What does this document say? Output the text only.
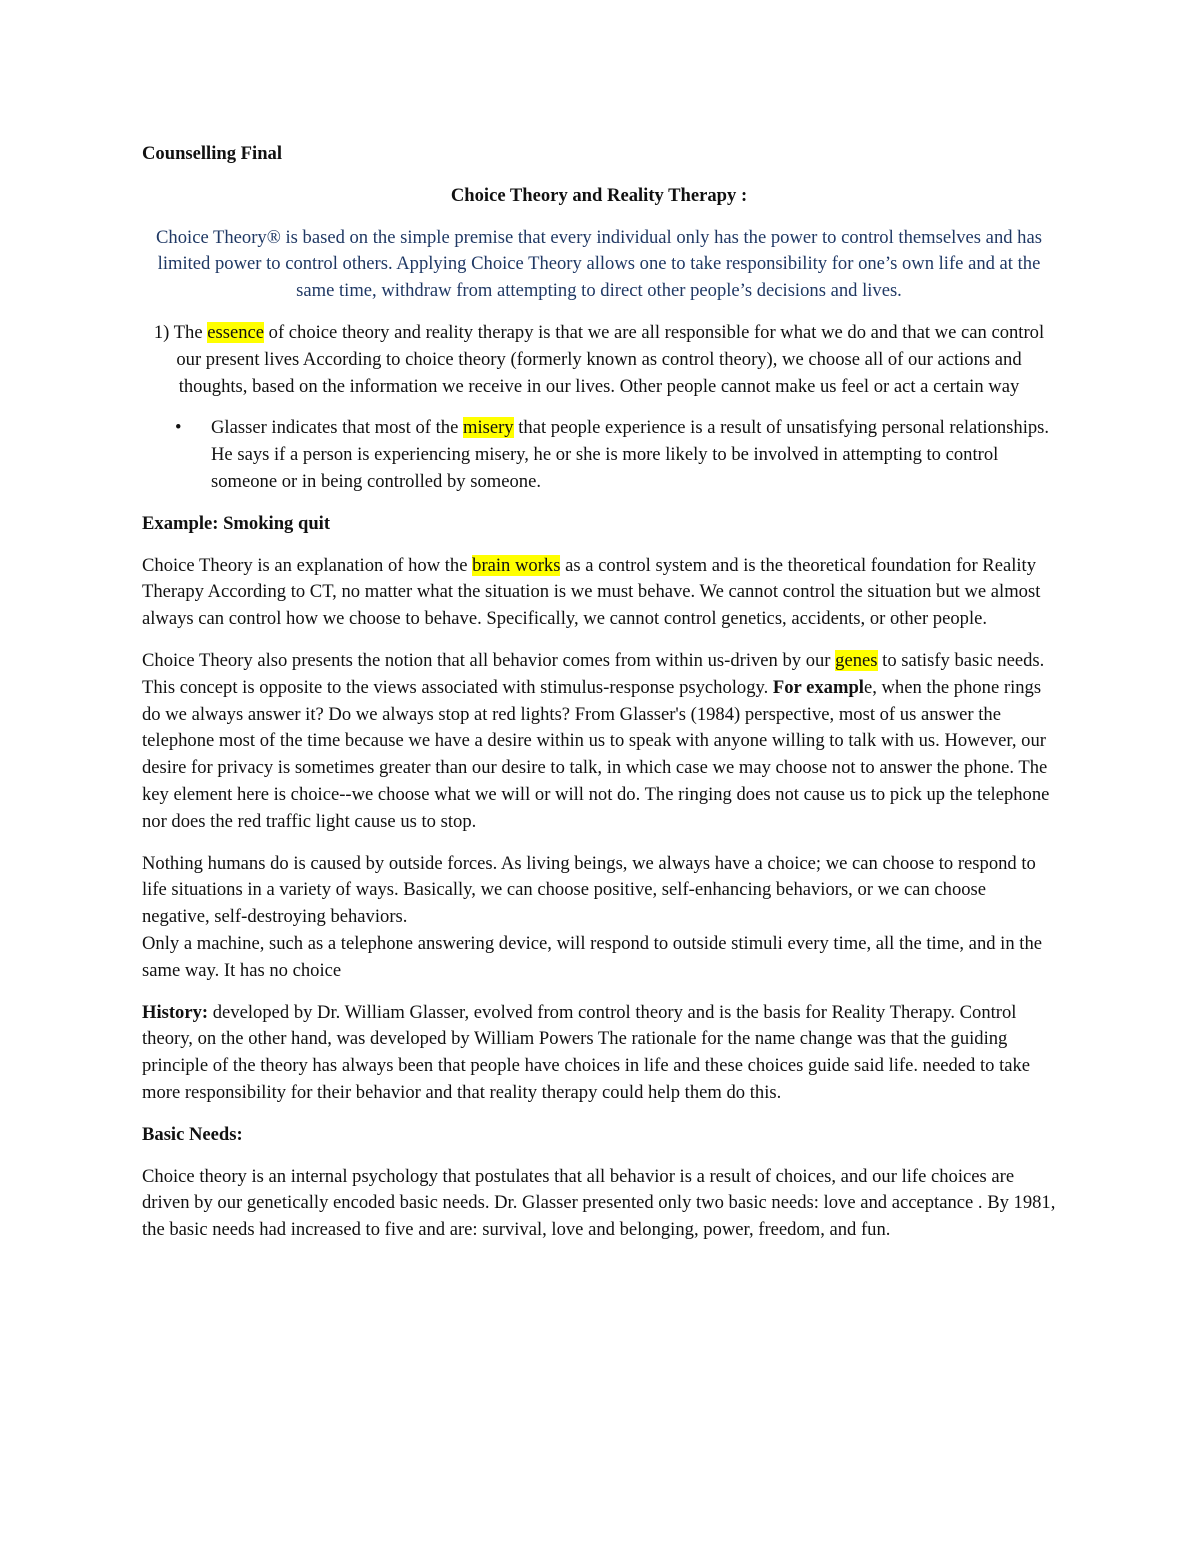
Counselling Final

Choice Theory and Reality Therapy :

Choice Theory® is based on the simple premise that every individual only has the power to control themselves and has limited power to control others. Applying Choice Theory allows one to take responsibility for one’s own life and at the same time, withdraw from attempting to direct other people’s decisions and lives.

1) The essence of choice theory and reality therapy is that we are all responsible for what we do and that we can control our present lives According to choice theory (formerly known as control theory), we choose all of our actions and thoughts, based on the information we receive in our lives. Other people cannot make us feel or act a certain way

• Glasser indicates that most of the misery that people experience is a result of unsatisfying personal relationships. He says if a person is experiencing misery, he or she is more likely to be involved in attempting to control someone or in being controlled by someone.

Example: Smoking quit

Choice Theory is an explanation of how the brain works as a control system and is the theoretical foundation for Reality Therapy According to CT, no matter what the situation is we must behave. We cannot control the situation but we almost always can control how we choose to behave. Specifically, we cannot control genetics, accidents, or other people.

Choice Theory also presents the notion that all behavior comes from within us-driven by our genes to satisfy basic needs. This concept is opposite to the views associated with stimulus-response psychology. For example, when the phone rings do we always answer it? Do we always stop at red lights? From Glasser's (1984) perspective, most of us answer the telephone most of the time because we have a desire within us to speak with anyone willing to talk with us. However, our desire for privacy is sometimes greater than our desire to talk, in which case we may choose not to answer the phone. The key element here is choice--we choose what we will or will not do. The ringing does not cause us to pick up the telephone nor does the red traffic light cause us to stop.

Nothing humans do is caused by outside forces. As living beings, we always have a choice; we can choose to respond to life situations in a variety of ways. Basically, we can choose positive, self-enhancing behaviors, or we can choose negative, self-destroying behaviors.
Only a machine, such as a telephone answering device, will respond to outside stimuli every time, all the time, and in the same way. It has no choice

History: developed by Dr. William Glasser, evolved from control theory and is the basis for Reality Therapy. Control theory, on the other hand, was developed by William Powers The rationale for the name change was that the guiding principle of the theory has always been that people have choices in life and these choices guide said life. needed to take more responsibility for their behavior and that reality therapy could help them do this.

Basic Needs:

Choice theory is an internal psychology that postulates that all behavior is a result of choices, and our life choices are driven by our genetically encoded basic needs. Dr. Glasser presented only two basic needs: love and acceptance . By 1981, the basic needs had increased to five and are: survival, love and belonging, power, freedom, and fun.
